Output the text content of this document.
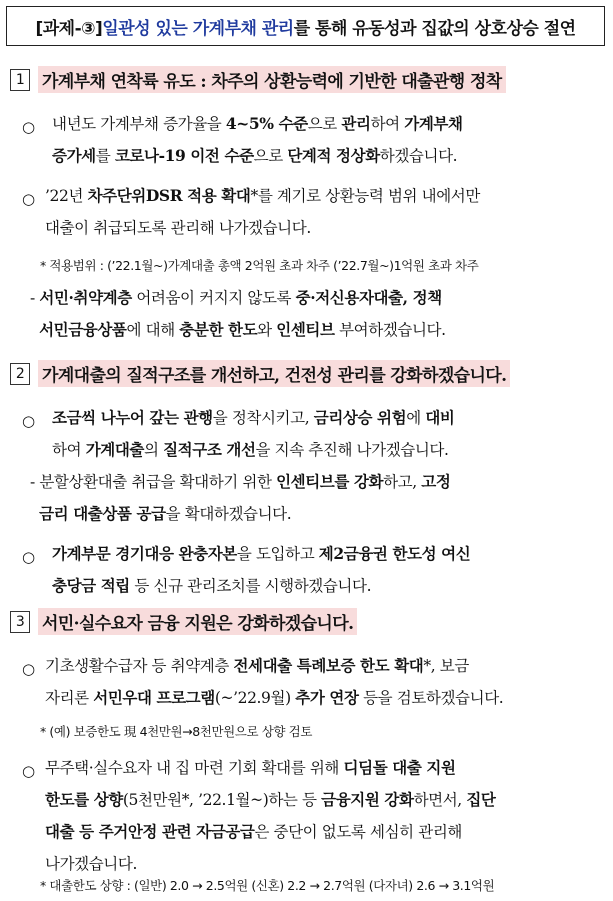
[과제-③] 일관성 있는 가계부채 관리 를 통해 유동성과 집값의 상호상승 절연
1	가계부채 연착륙 유도 : 차주의 상환능력에 기반한 대출관행 정착
○ 내년도 가계부채 증가율을 4~5% 수준으로 관리하여 가계부채
증가세를 코로나-19 이전 수준으로 단계적 정상화하겠습니다.
○ ’22년 차주단위DSR 적용 확대*를 계기로 상환능력 범위 내에서만
대출이 취급되도록 관리해 나가겠습니다.
* 적용범위 : (’22.1월~)가계대출 총액 2억원 초과 차주 (’22.7월~)1억원 초과 차주
- 서민·취약계층 어려움이 커지지 않도록 중·저신용자대출, 정책
서민금융상품에 대해 충분한 한도와 인센티브 부여하겠습니다.
2	가계대출의 질적구조를 개선하고, 건전성 관리를 강화하겠습니다.
○ 조금씩 나누어 갚는 관행을 정착시키고, 금리상승 위험에 대비
하여 가계대출의 질적구조 개선을 지속 추진해 나가겠습니다.
- 분할상환대출 취급을 확대하기 위한 인센티브를 강화하고, 고정
금리 대출상품 공급을 확대하겠습니다.
○ 가계부문 경기대응 완충자본을 도입하고 제2금융권 한도성 여신
충당금 적립 등 신규 관리조치를 시행하겠습니다.
3	서민·실수요자 금융 지원은 강화하겠습니다.
○ 기초생활수급자 등 취약계층 전세대출 특례보증 한도 확대*, 보금
자리론 서민우대 프로그램(~’22.9월) 추가 연장 등을 검토하겠습니다.
* (예) 보증한도 現 4천만원→8천만원으로 상향 검토
○ 무주택·실수요자 내 집 마련 기회 확대를 위해 디딤돌 대출 지원
한도를 상향(5천만원*, ’22.1월~)하는 등 금융지원 강화하면서, 집단
대출 등 주거안정 관련 자금공급은 중단이 없도록 세심히 관리해
나가겠습니다.
* 대출한도 상향 : (일반) 2.0 → 2.5억원 (신혼) 2.2 → 2.7억원 (다자녀) 2.6 → 3.1억원
